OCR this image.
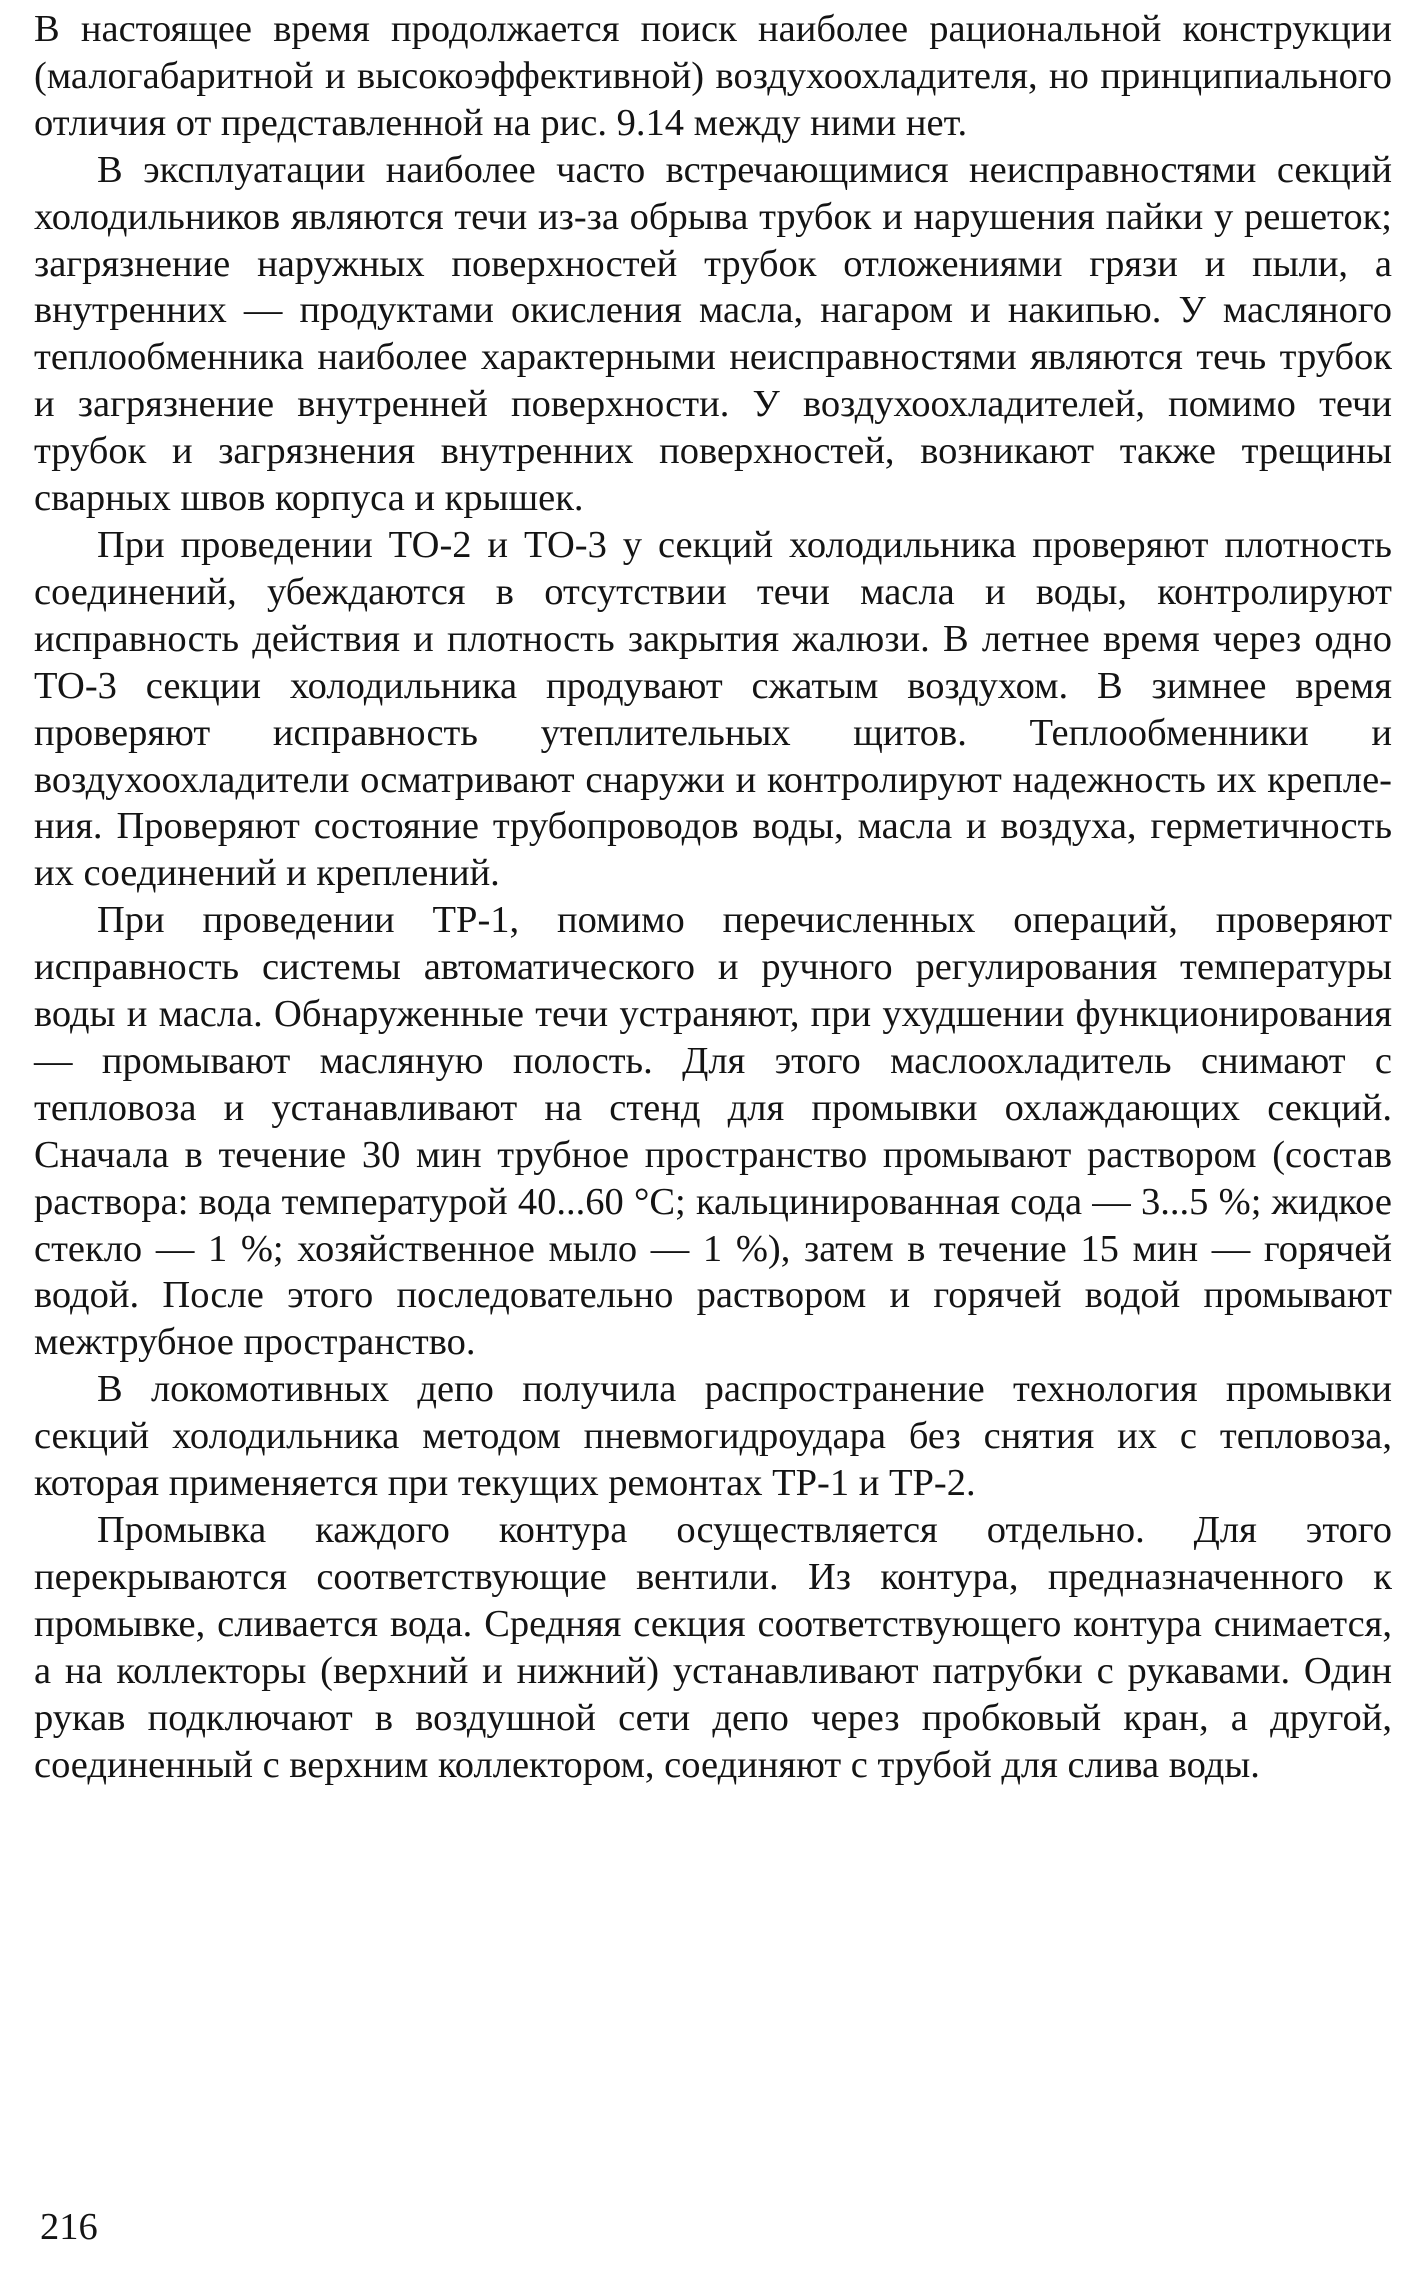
В настоящее время продолжается поиск наиболее рациональной конструкции (малогабаритной и высокоэффективной) воздухоохладителя, но принципиального отличия от представленной на рис. 9.14 между ними нет.

В эксплуатации наиболее часто встречающимися неисправностями секций холодильников являются течи из-за обрыва трубок и нарушения пайки у решеток; загрязнение наружных поверхностей трубок отложениями грязи и пыли, а внутренних — продуктами окисления масла, нагаром и накипью. У масляного теплообменника наиболее характерными неисправностями являются течь трубок и загрязнение внутренней поверхности. У воздухоохладителей, помимо течи трубок и загрязнения внутренних поверхностей, возникают также трещины сварных швов корпуса и крышек.

При проведении ТО-2 и ТО-3 у секций холодильника проверяют плотность соединений, убеждаются в отсутствии течи масла и воды, контролируют исправность действия и плотность закрытия жалюзи. В летнее время через одно ТО-3 секции холодильника продувают сжатым воздухом. В зимнее время проверяют исправность утеплительных щитов. Теплообменники и воздухоохладители осматривают снаружи и контролируют надежность их крепления. Проверяют состояние трубопроводов воды, масла и воздуха, герметичность их соединений и креплений.

При проведении ТР-1, помимо перечисленных операций, проверяют исправность системы автоматического и ручного регулирования температуры воды и масла. Обнаруженные течи устраняют, при ухудшении функционирования — промывают масляную полость. Для этого маслоохладитель снимают с тепловоза и устанавливают на стенд для промывки охлаждающих секций. Сначала в течение 30 мин трубное пространство промывают раствором (состав раствора: вода температурой 40...60 °С; кальцинированная сода — 3...5 %; жидкое стекло — 1 %; хозяйственное мыло — 1 %), затем в течение 15 мин — горячей водой. После этого последовательно раствором и горячей водой промывают межтрубное пространство.

В локомотивных депо получила распространение технология промывки секций холодильника методом пневмогидроудара без снятия их с тепловоза, которая применяется при текущих ремонтах ТР-1 и ТР-2.

Промывка каждого контура осуществляется отдельно. Для этого перекрываются соответствующие вентили. Из контура, предназначенного к промывке, сливается вода. Средняя секция соответствующего контура снимается, а на коллекторы (верхний и нижний) устанавливают патрубки с рукавами. Один рукав подключают в воздушной сети депо через пробковый кран, а другой, соединенный с верхним коллектором, соединяют с трубой для слива воды.

216
